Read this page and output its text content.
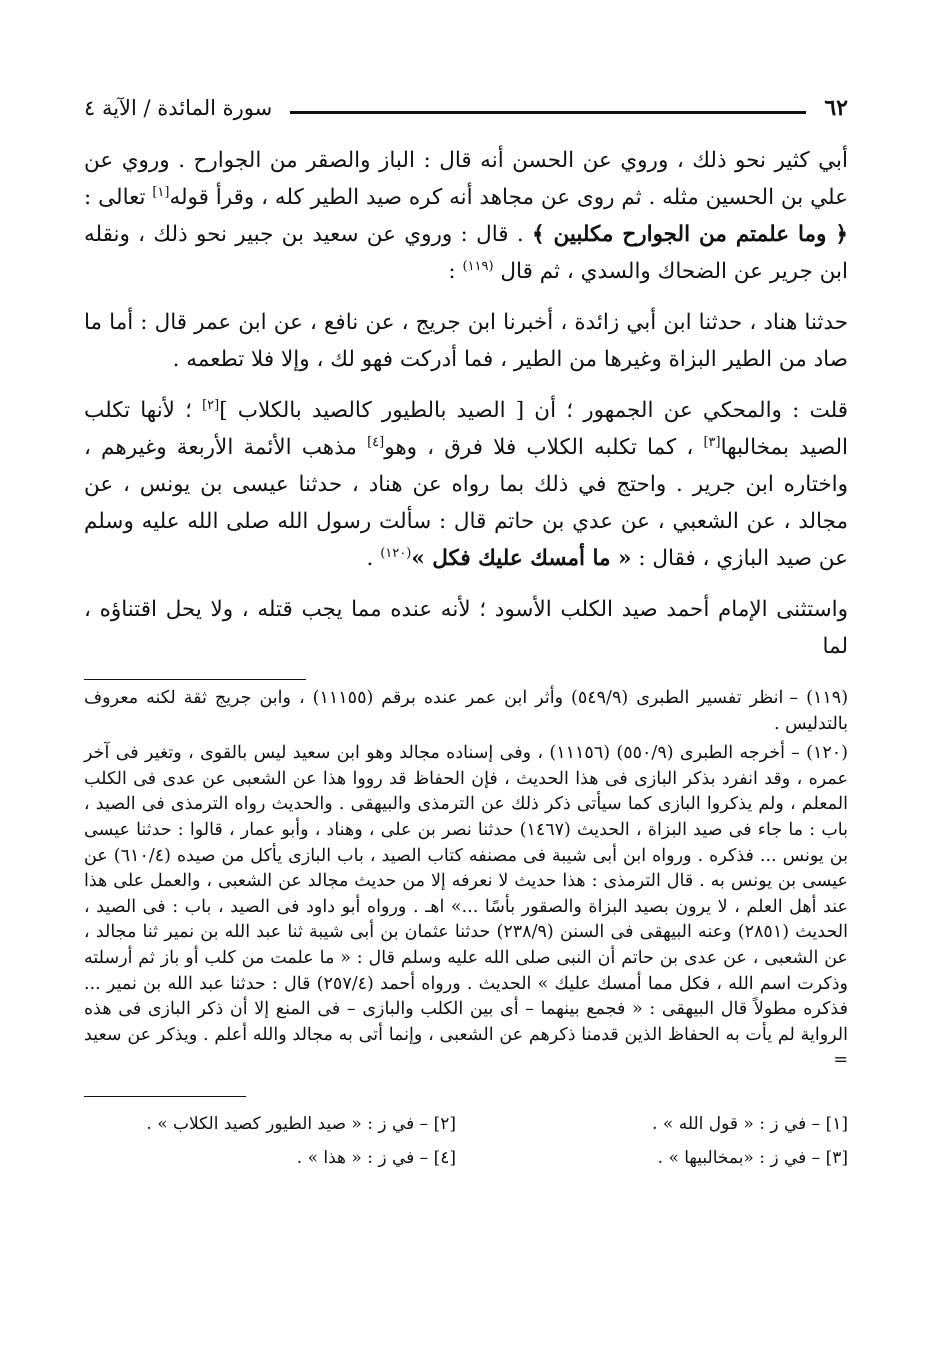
٦٢
سورة المائدة / الآية ٤

أبي كثير نحو ذلك ، وروي عن الحسن أنه قال : الباز والصقر من الجوارح . وروي عن علي بن الحسين مثله . ثم روى عن مجاهد أنه كره صيد الطير كله ، وقرأ قوله[١] تعالى : ﴿ وما علمتم من الجوارح مكلبين ﴾ . قال : وروي عن سعيد بن جبير نحو ذلك ، ونقله ابن جرير عن الضحاك والسدي ، ثم قال $^{(١١٩)}$ :

حدثنا هناد ، حدثنا ابن أبي زائدة ، أخبرنا ابن جريج ، عن نافع ، عن ابن عمر قال : أما ما صاد من الطير البزاة وغيرها من الطير ، فما أدركت فهو لك ، وإلا فلا تطعمه .

قلت : والمحكي عن الجمهور ؛ أن [ الصيد بالطيور كالصيد بالكلاب ][٢] ؛ لأنها تكلب الصيد بمخالبها[٣] ، كما تكلبه الكلاب فلا فرق ، وهو[٤] مذهب الأئمة الأربعة وغيرهم ، واختاره ابن جرير . واحتج في ذلك بما رواه عن هناد ، حدثنا عيسى بن يونس ، عن مجالد ، عن الشعبي ، عن عدي بن حاتم قال : سألت رسول الله صلى الله عليه وسلم عن صيد البازي ، فقال : « ما أمسك عليك فكل »$^{(١٢٠)}$ .

واستثنى الإمام أحمد صيد الكلب الأسود ؛ لأنه عنده مما يجب قتله ، ولا يحل اقتناؤه ، لما

(١١٩) –انظر تفسير الطبرى (٥٤٩/٩) وأثر ابن عمر عنده برقم (١١١٥٥) ، وابن جريج ثقة لكنه معروف بالتدليس .

(١٢٠) –أخرجه الطبرى (٥٥٠/٩) (١١١٥٦) ، وفى إسناده مجالد وهو ابن سعيد ليس بالقوى ، وتغير فى آخر عمره ، وقد انفرد بذكر البازى فى هذا الحديث ، فإن الحفاظ قد رووا هذا عن الشعبى عن عدى فى الكلب المعلم ، ولم يذكروا البازى كما سيأتى ذكر ذلك عن الترمذى والبيهقى . والحديث رواه الترمذى فى الصيد ، باب : ما جاء فى صيد البزاة ، الحديث (١٤٦٧) حدثنا نصر بن على ، وهناد ، وأبو عمار ، قالوا : حدثنا عيسى بن يونس ... فذكره . ورواه ابن أبى شيبة فى مصنفه كتاب الصيد ، باب البازى يأكل من صيده (٦١٠/٤) عن عيسى بن يونس به . قال الترمذى : هذا حديث لا نعرفه إلا من حديث مجالد عن الشعبى ، والعمل على هذا عند أهل العلم ، لا يرون بصيد البزاة والصقور بأسًا ...» اهـ . ورواه أبو داود فى الصيد ، باب : فى الصيد ، الحديث (٢٨٥١) وعنه البيهقى فى السنن (٢٣٨/٩) حدثنا عثمان بن أبى شيبة ثنا عبد الله بن نمير ثنا مجالد ، عن الشعبى ، عن عدى بن حاتم أن النبى صلى الله عليه وسلم قال : « ما علمت من كلب أو باز ثم أرسلته وذكرت اسم الله ، فكل مما أمسك عليك » الحديث . ورواه أحمد (٢٥٧/٤) قال : حدثنا عبد الله بن نمير ... فذكره مطولاً قال البيهقى : « فجمع بينهما – أى بين الكلب والبازى – فى المنع إلا أن ذكر البازى فى هذه الرواية لم يأت به الحفاظ الذين قدمنا ذكرهم عن الشعبى ، وإنما أتى به مجالد والله أعلم . ويذكر عن سعيد =

[١] – في ز : « قول الله » .
[٢] – في ز : « صيد الطيور كصيد الكلاب » .
[٣] – في ز : «بمخالبيها » .
[٤] – في ز : « هذا » .
